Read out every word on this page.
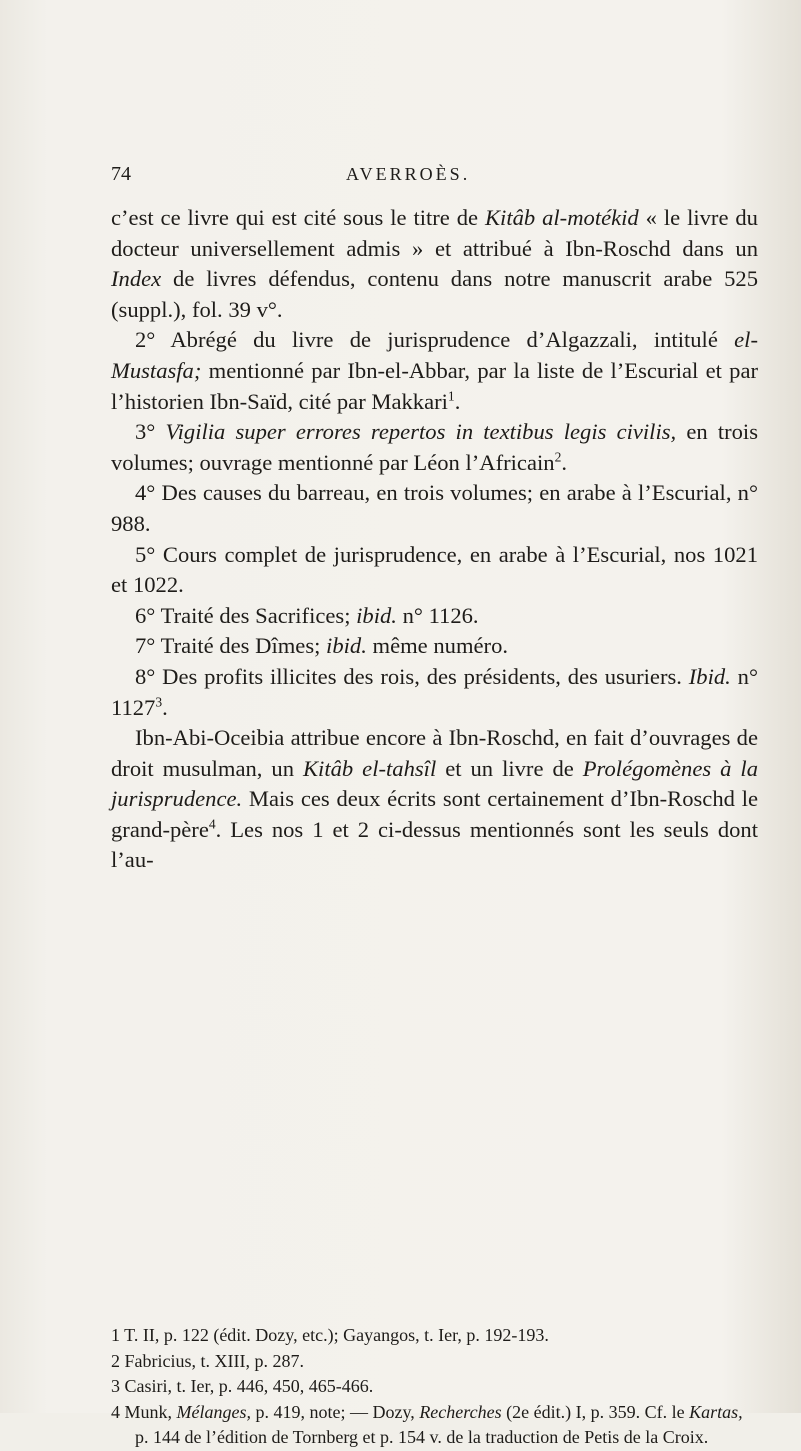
74	AVERROÈS.

c’est ce livre qui est cité sous le titre de Kitâb al-motékid « le livre du docteur universellement admis » et attribué à Ibn-Roschd dans un Index de livres défendus, contenu dans notre manuscrit arabe 525 (suppl.), fol. 39 v°.

2° Abrégé du livre de jurisprudence d’Algazzali, intitulé el-Mustasfa; mentionné par Ibn-el-Abbar, par la liste de l’Escurial et par l’historien Ibn-Saïd, cité par Makkari$^1$.

3° Vigilia super errores repertos in textibus legis civilis, en trois volumes; ouvrage mentionné par Léon l’Africain$^2$.

4° Des causes du barreau, en trois volumes; en arabe à l’Escurial, n° 988.

5° Cours complet de jurisprudence, en arabe à l’Escurial, nos 1021 et 1022.

6° Traité des Sacrifices; ibid. n° 1126.

7° Traité des Dîmes; ibid. même numéro.

8° Des profits illicites des rois, des présidents, des usuriers. Ibid. n° 1127$^3$.

Ibn-Abi-Oceibia attribue encore à Ibn-Roschd, en fait d’ouvrages de droit musulman, un Kitâb el-tahsîl et un livre de Prolégomènes à la jurisprudence. Mais ces deux écrits sont certainement d’Ibn-Roschd le grand-père$^4$. Les nos 1 et 2 ci-dessus mentionnés sont les seuls dont l’au-

1 T. II, p. 122 (édit. Dozy, etc.); Gayangos, t. Ier, p. 192-193.

2 Fabricius, t. XIII, p. 287.

3 Casiri, t. Ier, p. 446, 450, 465-466.

4 Munk, Mélanges, p. 419, note; — Dozy, Recherches (2e édit.) I, p. 359. Cf. le Kartas, p. 144 de l’édition de Tornberg et p. 154 v. de la traduction de Petis de la Croix.
